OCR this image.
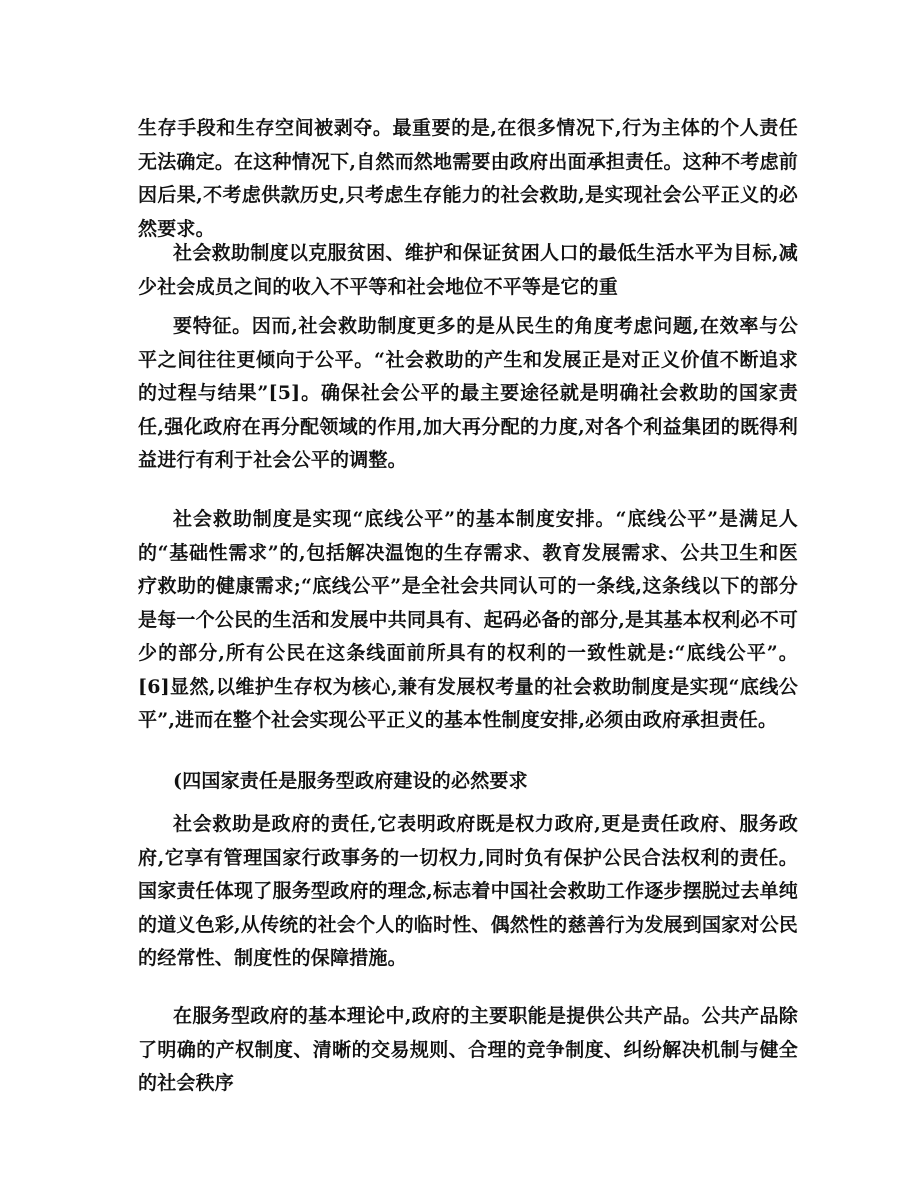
生存手段和生存空间被剥夺。最重要的是,在很多情况下,行为主体的个人责任无法确定。在这种情况下,自然而然地需要由政府出面承担责任。这种不考虑前因后果,不考虑供款历史,只考虑生存能力的社会救助,是实现社会公平正义的必然要求。

社会救助制度以克服贫困、维护和保证贫困人口的最低生活水平为目标,减少社会成员之间的收入不平等和社会地位不平等是它的重

要特征。因而,社会救助制度更多的是从民生的角度考虑问题,在效率与公平之间往往更倾向于公平。“社会救助的产生和发展正是对正义价值不断追求的过程与结果”[5]。确保社会公平的最主要途径就是明确社会救助的国家责任,强化政府在再分配领域的作用,加大再分配的力度,对各个利益集团的既得利益进行有利于社会公平的调整。

社会救助制度是实现“底线公平”的基本制度安排。“底线公平”是满足人的“基础性需求”的,包括解决温饱的生存需求、教育发展需求、公共卫生和医疗救助的健康需求;“底线公平”是全社会共同认可的一条线,这条线以下的部分是每一个公民的生活和发展中共同具有、起码必备的部分,是其基本权利必不可少的部分,所有公民在这条线面前所具有的权利的一致性就是:“底线公平”。[6]显然,以维护生存权为核心,兼有发展权考量的社会救助制度是实现“底线公平”,进而在整个社会实现公平正义的基本性制度安排,必须由政府承担责任。

(四国家责任是服务型政府建设的必然要求

社会救助是政府的责任,它表明政府既是权力政府,更是责任政府、服务政府,它享有管理国家行政事务的一切权力,同时负有保护公民合法权利的责任。国家责任体现了服务型政府的理念,标志着中国社会救助工作逐步摆脱过去单纯的道义色彩,从传统的社会个人的临时性、偶然性的慈善行为发展到国家对公民的经常性、制度性的保障措施。

在服务型政府的基本理论中,政府的主要职能是提供公共产品。公共产品除了明确的产权制度、清晰的交易规则、合理的竞争制度、纠纷解决机制与健全的社会秩序
